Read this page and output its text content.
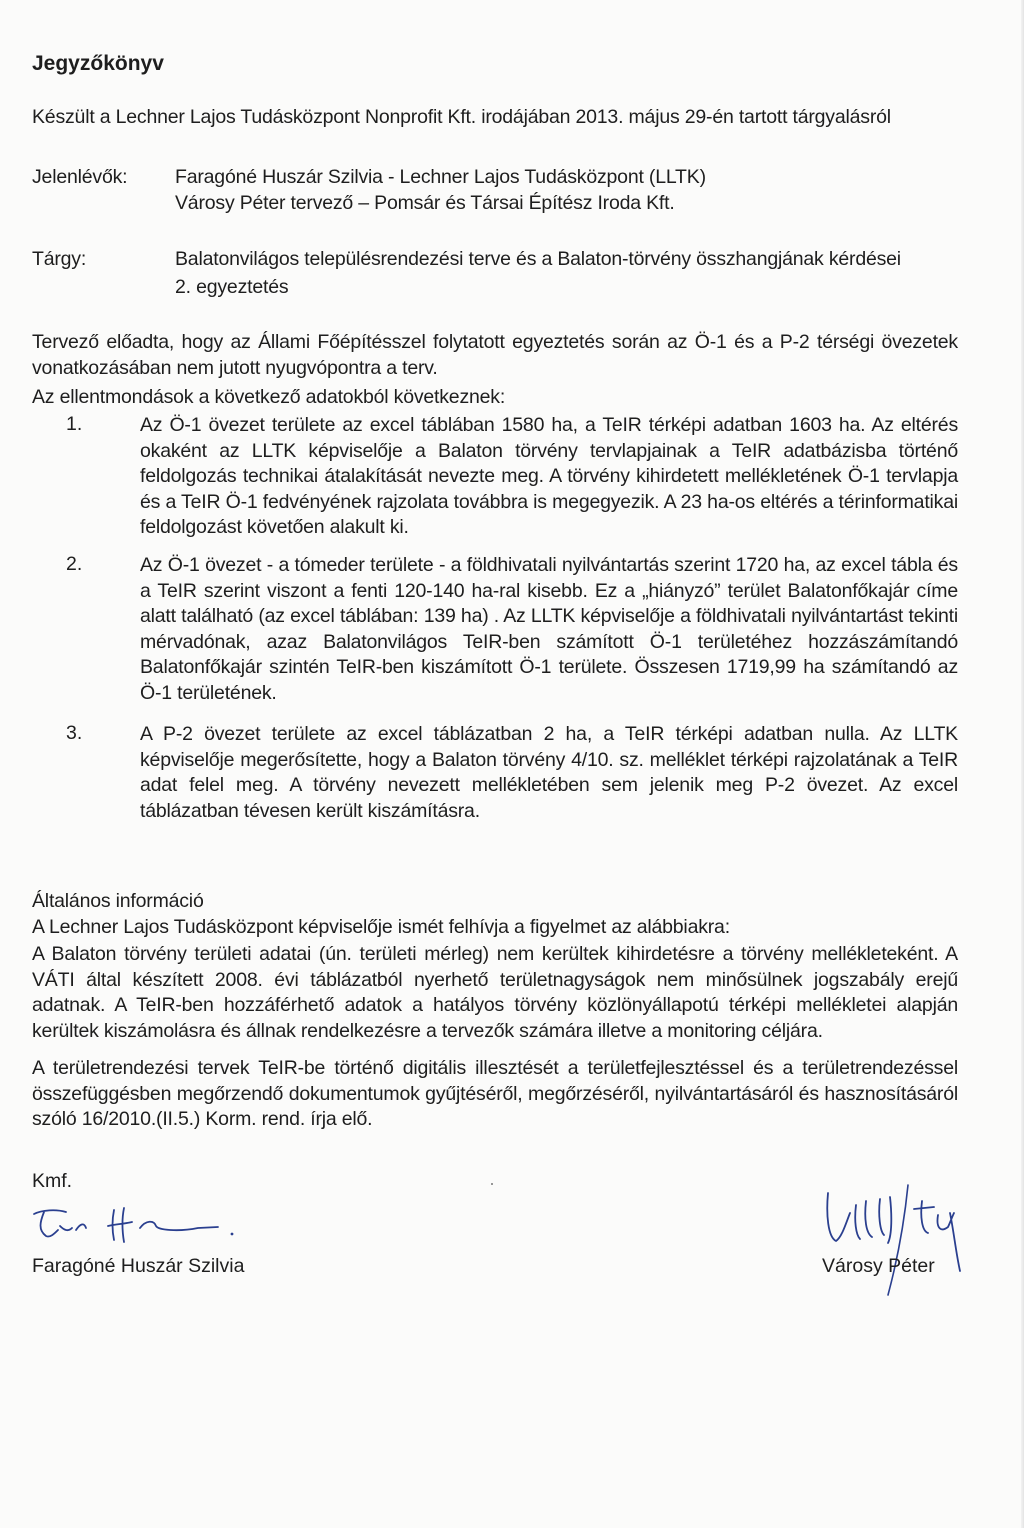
Jegyzőkönyv
Készült a Lechner Lajos Tudásközpont Nonprofit Kft. irodájában 2013. május 29-én tartott tárgyalásról
Jelenlévők: Faragóné Huszár Szilvia - Lechner Lajos Tudásközpont (LLTK)
Városy Péter tervező – Pomsár és Társai Építész Iroda Kft.
Tárgy:	Balatonvilágos településrendezési terve és a Balaton-törvény összhangjának kérdései
2. egyeztetés
Tervező előadta, hogy az Állami Főépítésszel folytatott egyeztetés során az Ö-1 és a P-2 térségi övezetek vonatkozásában nem jutott nyugvópontra a terv.
Az ellentmondások a következő adatokból következnek:
1.	Az Ö-1 övezet területe az excel táblában 1580 ha, a TeIR térképi adatban 1603 ha. Az eltérés okaként az LLTK képviselője a Balaton törvény tervlapjainak a TeIR adatbázisba történő feldolgozás technikai átalakítását nevezte meg. A törvény kihirdetett mellékletének Ö-1 tervlapja és a TeIR Ö-1 fedvényének rajzolata továbbra is megegyezik. A 23 ha-os eltérés a térinformatikai feldolgozást követően alakult ki.
2.	Az Ö-1 övezet - a tómeder területe - a földhivatali nyilvántartás szerint 1720 ha, az excel tábla és a TeIR szerint viszont a fenti 120-140 ha-ral kisebb. Ez a „hiányzó” terület Balatonfőkajár címe alatt található (az excel táblában: 139 ha) . Az LLTK képviselője a földhivatali nyilvántartást tekinti mérvadónak, azaz Balatonvilágos TeIR-ben számított Ö-1 területéhez hozzászámítandó Balatonfőkajár szintén TeIR-ben kiszámított Ö-1 területe. Összesen 1719,99 ha számítandó az Ö-1 területének.
3.	A P-2 övezet területe az excel táblázatban 2 ha, a TeIR térképi adatban nulla. Az LLTK képviselője megerősítette, hogy a Balaton törvény 4/10. sz. melléklet térképi rajzolatának a TeIR adat felel meg. A törvény nevezett mellékletében sem jelenik meg P-2 övezet. Az excel táblázatban tévesen került kiszámításra.
Általános információ
A Lechner Lajos Tudásközpont képviselője ismét felhívja a figyelmet az alábbiakra:
A Balaton törvény területi adatai (ún. területi mérleg) nem kerültek kihirdetésre a törvény mellékleteként. A VÁTI által készített 2008. évi táblázatból nyerhető területnagyságok nem minősülnek jogszabály erejű adatnak. A TeIR-ben hozzáférhető adatok a hatályos törvény közlönyállapotú térképi mellékletei alapján kerültek kiszámolásra és állnak rendelkezésre a tervezők számára illetve a monitoring céljára.
A területrendezési tervek TeIR-be történő digitális illesztését a területfejlesztéssel és a területrendezéssel összefüggésben megőrzendő dokumentumok gyűjtéséről, megőrzéséről, nyilvántartásáról és hasznosításáról szóló 16/2010.(II.5.) Korm. rend. írja elő.
Kmf.
Faragóné Huszár Szilvia	Városy Péter
